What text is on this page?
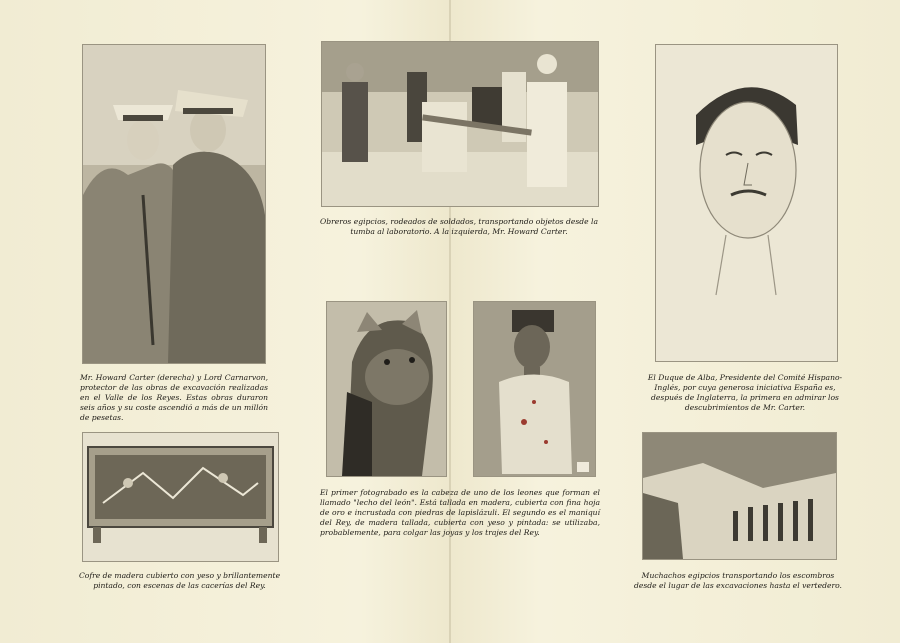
Mr. Howard Carter (derecha) y Lord Carnarvon, protector de las obras de excavación realizadas en el Valle de los Reyes. Estas obras duraron seis años y su coste ascendió a más de un millón de pesetas.

Obreros egipcios, rodeados de soldados, transportando objetos desde la tumba al laboratorio. A la izquierda, Mr. Howard Carter.

El Duque de Alba, Presidente del Comité Hispano-Inglés, por cuya generosa iniciativa España es, después de Inglaterra, la primera en admirar los descubrimientos de Mr. Carter.

El primer fotograbado es la cabeza de uno de los leones que forman el llamado "lecho del león". Está tallada en madera, cubierta con fina hoja de oro e incrustada con piedras de lapislázuli. El segundo es el maniquí del Rey, de madera tallada, cubierta con yeso y pintada: se utilizaba, probablemente, para colgar las joyas y los trajes del Rey.

Cofre de madera cubierto con yeso y brillantemente pintado, con escenas de las cacerías del Rey.

Muchachos egipcios transportando los escombros desde el lugar de las excavaciones hasta el vertedero.
